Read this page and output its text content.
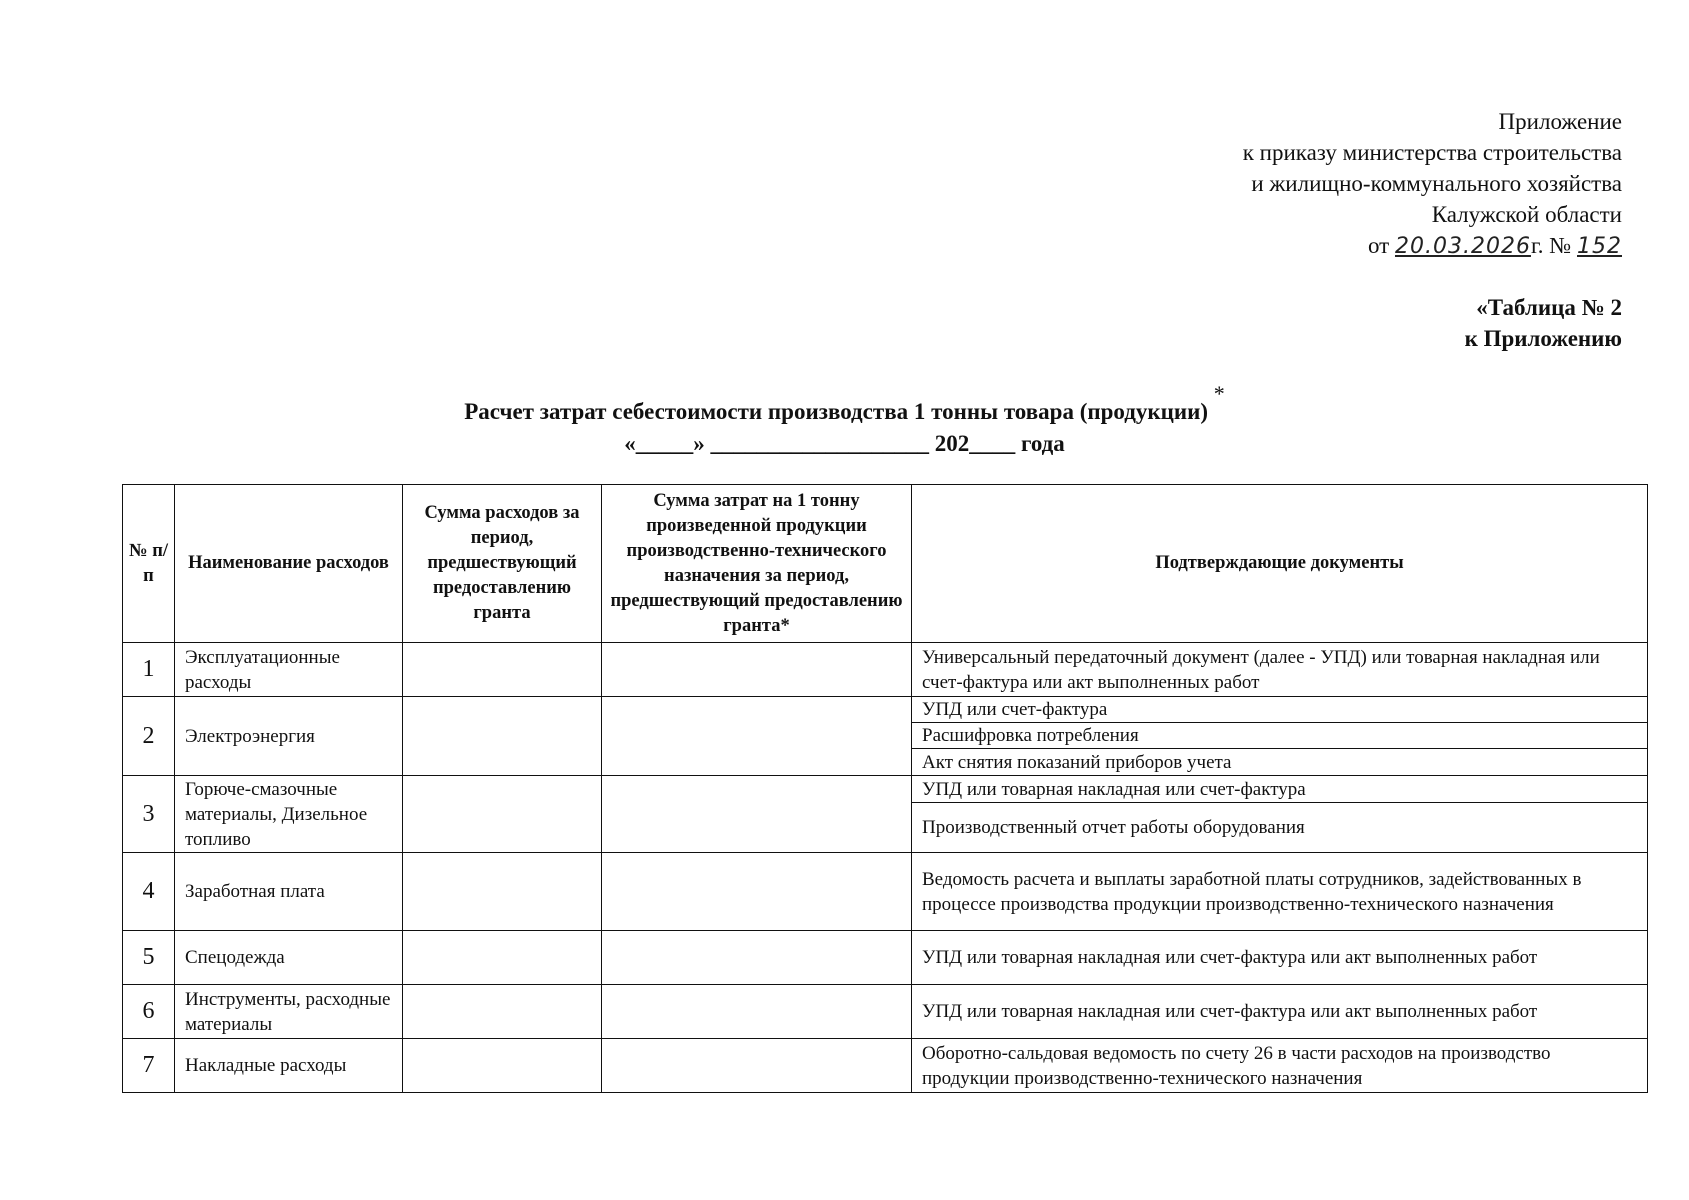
Приложение
к приказу министерства строительства
и жилищно-коммунального хозяйства
Калужской области
от 20.03.2026г. № 152
«Таблица № 2
к Приложению
Расчет затрат себестоимости производства 1 тонны товара (продукции) *
«_____» ___________________ 202____ года
№ п/п	Наименование расходов	Сумма расходов за период, предшествующий предоставлению гранта	Сумма затрат на 1 тонну произведенной продукции производственно-технического назначения за период, предшествующий предоставлению гранта*	Подтверждающие документы
1	Эксплуатационные расходы			Универсальный передаточный документ (далее - УПД) или товарная накладная или счет-фактура или акт выполненных работ
2	Электроэнергия			УПД или счет-фактура
				Расшифровка потребления
				Акт снятия показаний приборов учета
3	Горюче-смазочные материалы, Дизельное топливо			УПД или товарная накладная или счет-фактура
				Производственный отчет работы оборудования
4	Заработная плата			Ведомость расчета и выплаты заработной платы сотрудников, задействованных в процессе производства продукции производственно-технического назначения
5	Спецодежда			УПД или товарная накладная или счет-фактура или акт выполненных работ
6	Инструменты, расходные материалы			УПД или товарная накладная или счет-фактура или акт выполненных работ
7	Накладные расходы			Оборотно-сальдовая ведомость по счету 26 в части расходов на производство продукции производственно-технического назначения
